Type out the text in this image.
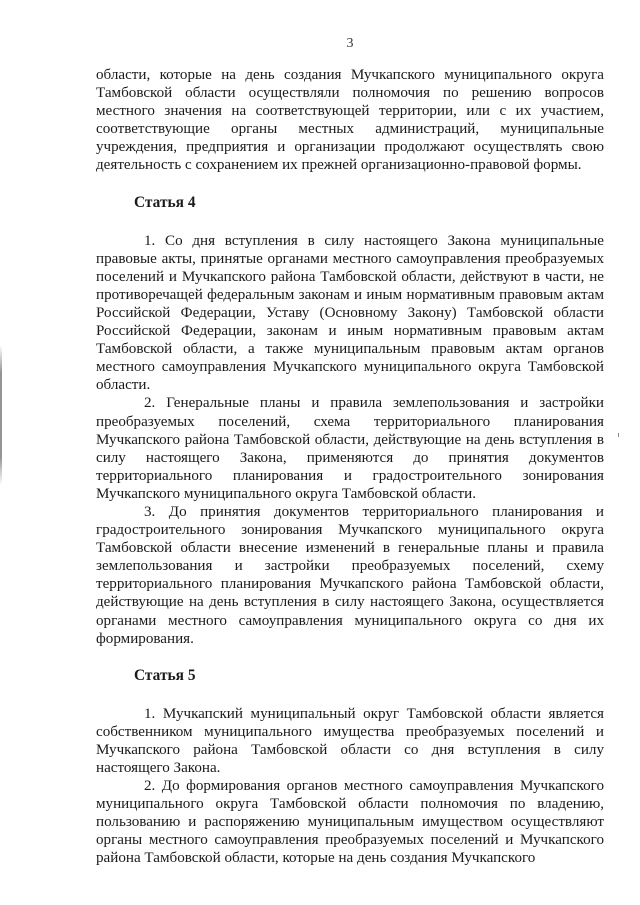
3

области, которые на день создания Мучкапского муниципального округа Тамбовской области осуществляли полномочия по решению вопросов местного значения на соответствующей территории, или с их участием, соответствующие органы местных администраций, муниципальные учреждения, предприятия и организации продолжают осуществлять свою деятельность с сохранением их прежней организационно-правовой формы.

Статья 4

1. Со дня вступления в силу настоящего Закона муниципальные правовые акты, принятые органами местного самоуправления преобразуемых поселений и Мучкапского района Тамбовской области, действуют в части, не противоречащей федеральным законам и иным нормативным правовым актам Российской Федерации, Уставу (Основному Закону) Тамбовской области Российской Федерации, законам и иным нормативным правовым актам Тамбовской области, а также муниципальным правовым актам органов местного самоуправления Мучкапского муниципального округа Тамбовской области.

2. Генеральные планы и правила землепользования и застройки преобразуемых поселений, схема территориального планирования Мучкапского района Тамбовской области, действующие на день вступления в силу настоящего Закона, применяются до принятия документов территориального планирования и градостроительного зонирования Мучкапского муниципального округа Тамбовской области.

3. До принятия документов территориального планирования и градостроительного зонирования Мучкапского муниципального округа Тамбовской области внесение изменений в генеральные планы и правила землепользования и застройки преобразуемых поселений, схему территориального планирования Мучкапского района Тамбовской области, действующие на день вступления в силу настоящего Закона, осуществляется органами местного самоуправления муниципального округа со дня их формирования.

Статья 5

1. Мучкапский муниципальный округ Тамбовской области является собственником муниципального имущества преобразуемых поселений и Мучкапского района Тамбовской области со дня вступления в силу настоящего Закона.

2. До формирования органов местного самоуправления Мучкапского муниципального округа Тамбовской области полномочия по владению, пользованию и распоряжению муниципальным имуществом осуществляют органы местного самоуправления преобразуемых поселений и Мучкапского района Тамбовской области, которые на день создания Мучкапского
